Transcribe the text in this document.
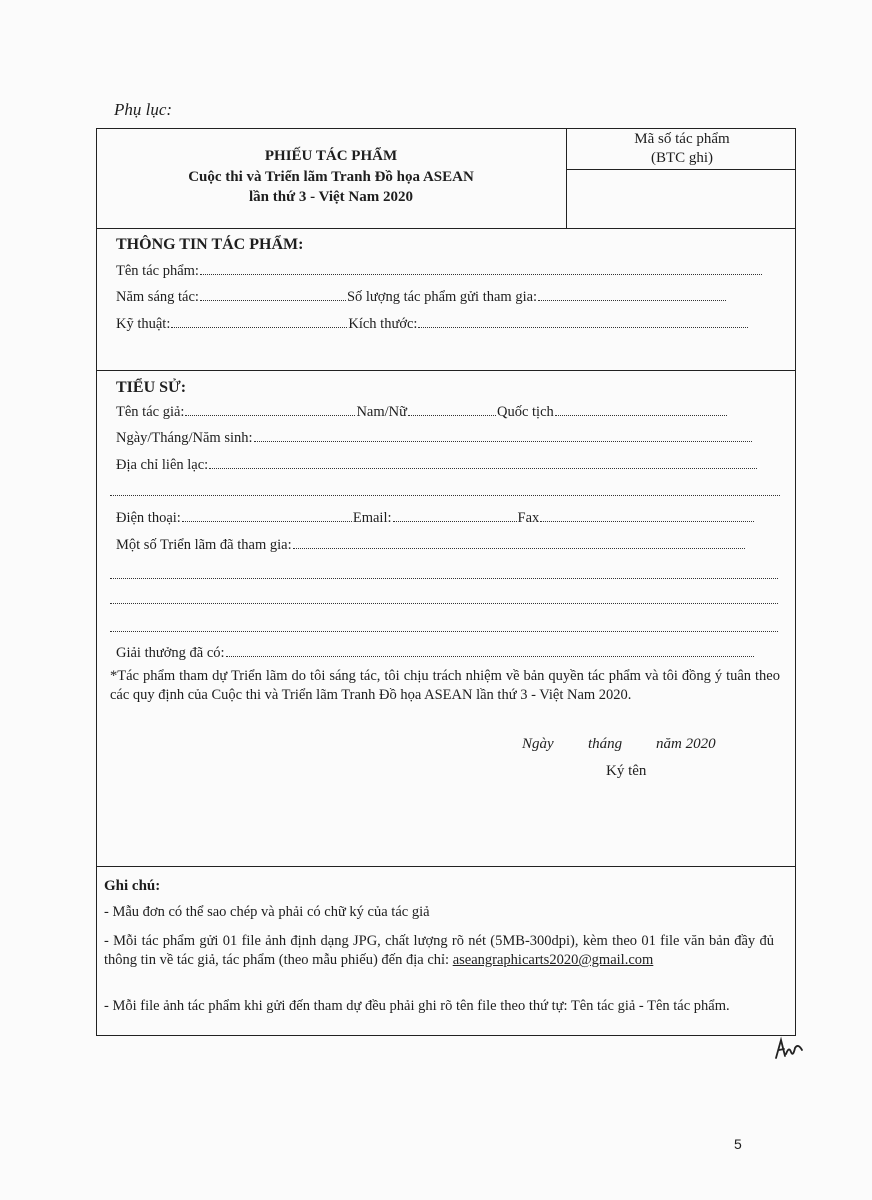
Phụ lục:
PHIẾU TÁC PHẨM
Cuộc thi và Triển lãm Tranh Đồ họa ASEAN
lần thứ 3 - Việt Nam 2020
Mã số tác phẩm
(BTC ghi)
THÔNG TIN TÁC PHẨM:
Tên tác phẩm:
Năm sáng tác:	Số lượng tác phẩm gửi tham gia:
Kỹ thuật:	Kích thước:
TIỂU SỬ:
Tên tác giả:	Nam/Nữ	Quốc tịch
Ngày/Tháng/Năm sinh:
Địa chỉ liên lạc:
Điện thoại:	Email:	Fax
Một số Triển lãm đã tham gia:
Giải thưởng đã có:
*Tác phẩm tham dự Triển lãm do tôi sáng tác, tôi chịu trách nhiệm về bản quyền tác phẩm và tôi đồng ý tuân theo các quy định của Cuộc thi và Triển lãm Tranh Đồ họa ASEAN lần thứ 3 - Việt Nam 2020.
Ngày tháng năm 2020
Ký tên
Ghi chú:
- Mẫu đơn có thể sao chép và phải có chữ ký của tác giả
- Mỗi tác phẩm gửi 01 file ảnh định dạng JPG, chất lượng rõ nét (5MB-300dpi), kèm theo 01 file văn bản đầy đủ thông tin về tác giả, tác phẩm (theo mẫu phiếu) đến địa chỉ: aseangraphicarts2020@gmail.com
- Mỗi file ảnh tác phẩm khi gửi đến tham dự đều phải ghi rõ tên file theo thứ tự: Tên tác giả - Tên tác phẩm.
5
